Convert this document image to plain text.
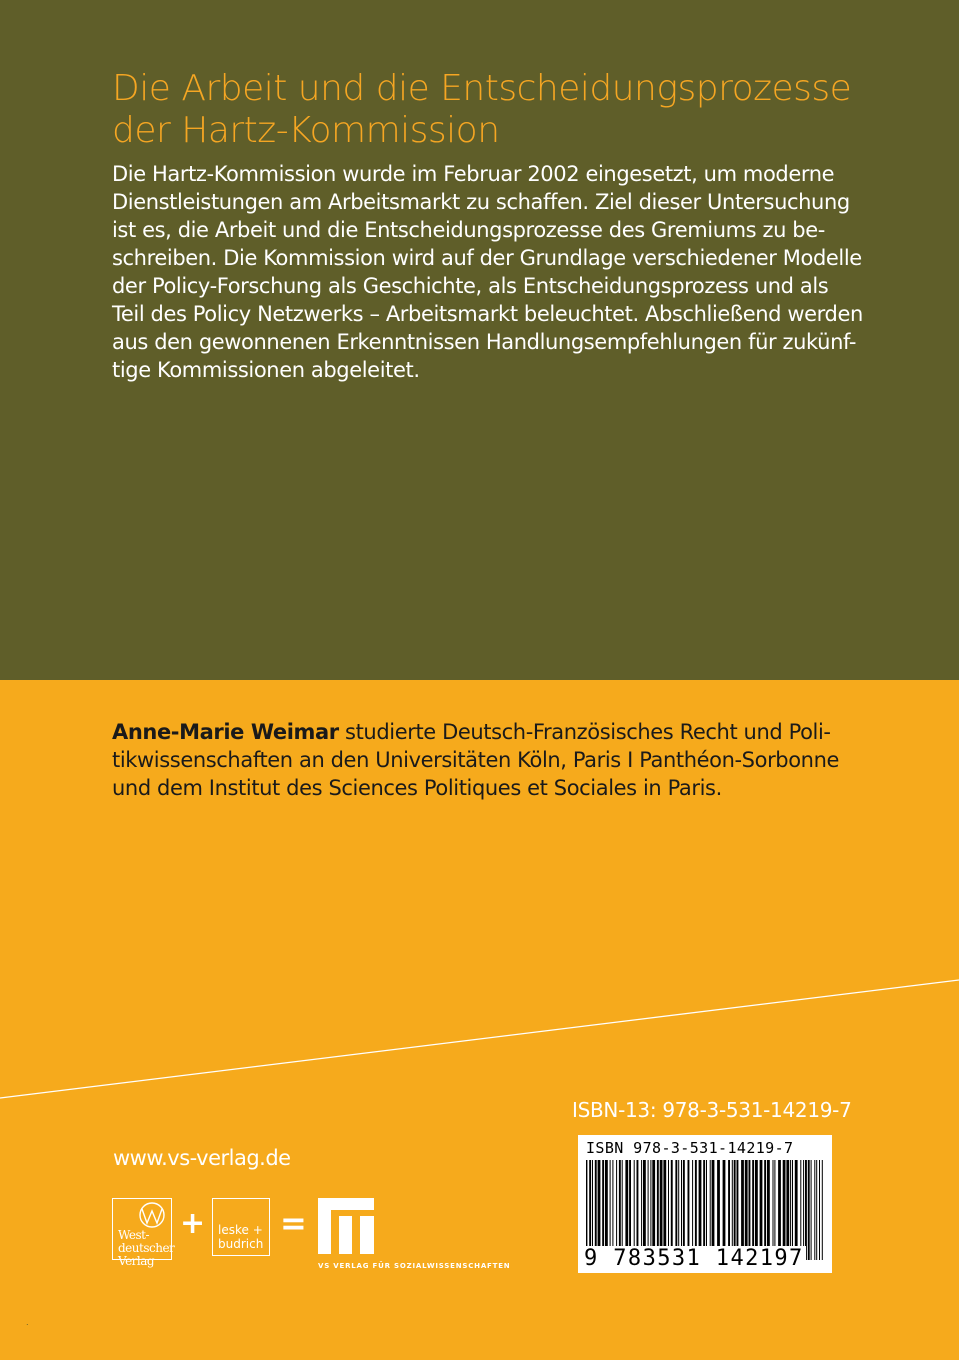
Die Arbeit und die Entscheidungsprozesse
der Hartz-Kommission

Die Hartz-Kommission wurde im Februar 2002 eingesetzt, um moderne
Dienstleistungen am Arbeitsmarkt zu schaffen. Ziel dieser Untersuchung
ist es, die Arbeit und die Entscheidungsprozesse des Gremiums zu be-
schreiben. Die Kommission wird auf der Grundlage verschiedener Modelle
der Policy-Forschung als Geschichte, als Entscheidungsprozess und als
Teil des Policy Netzwerks – Arbeitsmarkt beleuchtet. Abschließend werden
aus den gewonnenen Erkenntnissen Handlungsempfehlungen für zukünf-
tige Kommissionen abgeleitet.

Anne-Marie Weimar studierte Deutsch-Französisches Recht und Poli-
tikwissenschaften an den Universitäten Köln, Paris I Panthéon-Sorbonne
und dem Institut des Sciences Politiques et Sociales in Paris.

www.vs-verlag.de
ISBN-13: 978-3-531-14219-7
ISBN 978-3-531-14219-7
9 783531 142197
West-
deutscher
Verlag
+ leske +
budrich
=
VS VERLAG FÜR SOZIALWISSENSCHAFTEN
.
